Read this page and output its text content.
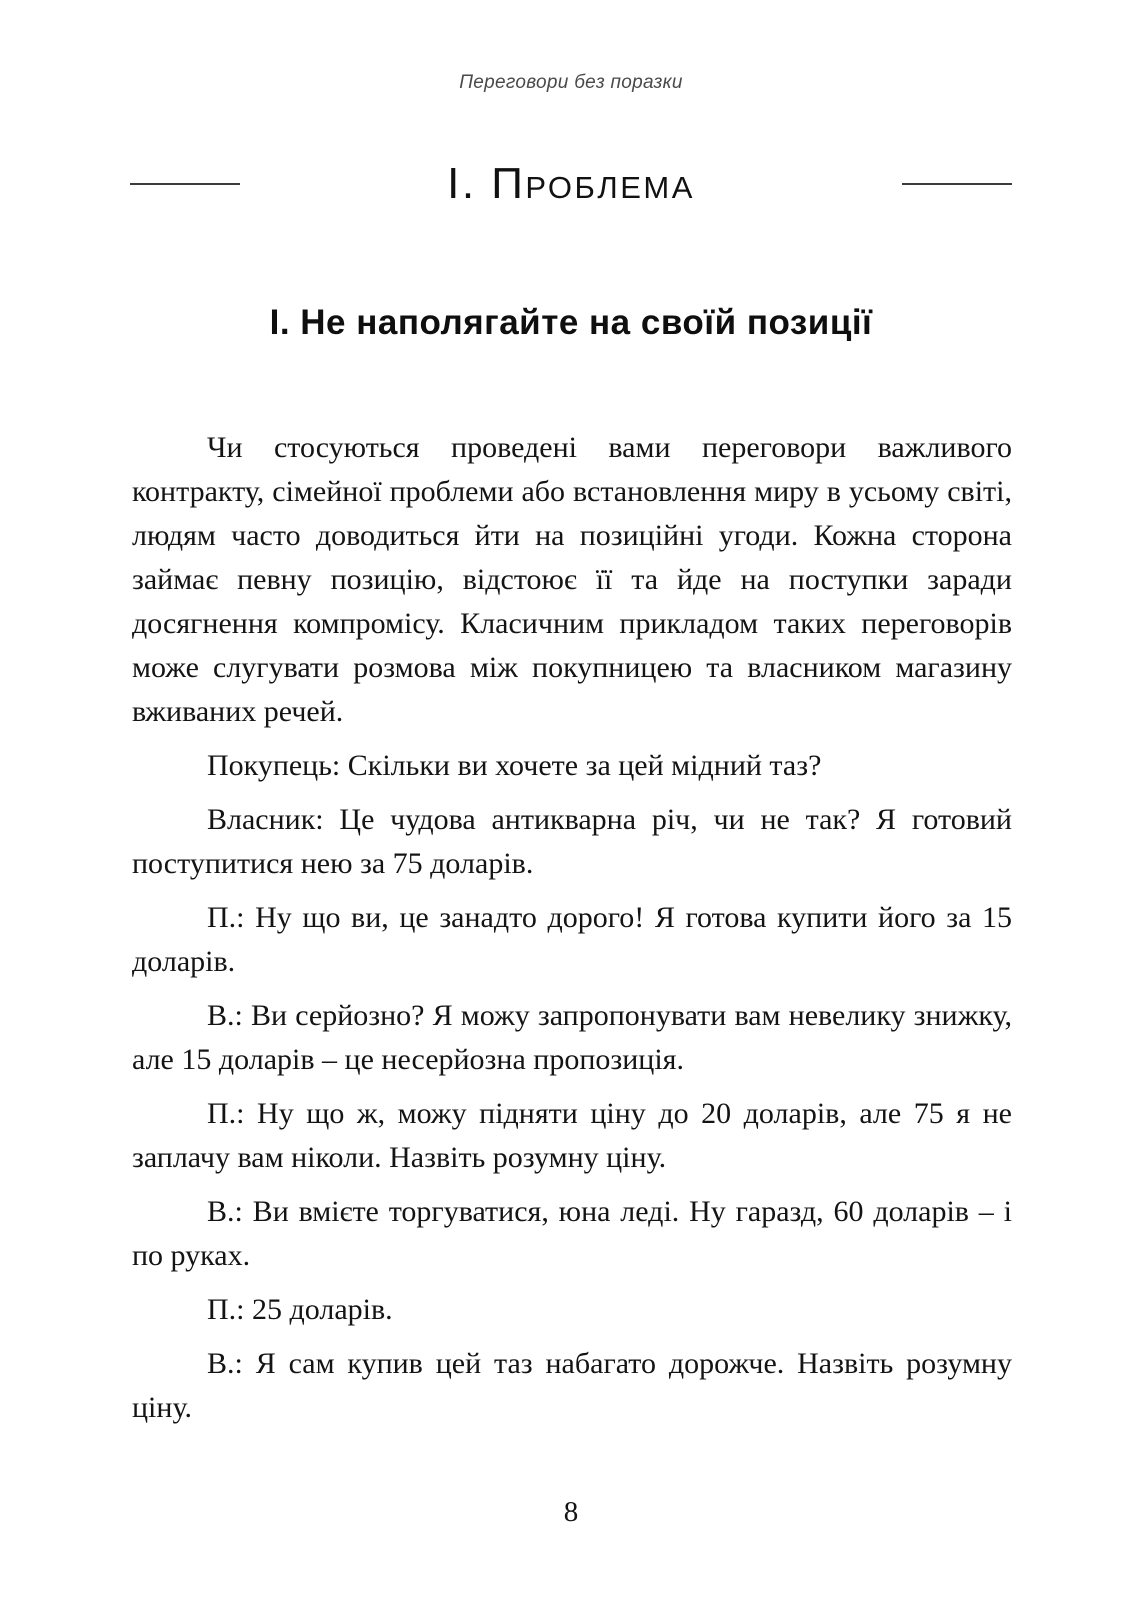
Переговори без поразки
І. Проблема
І. Не наполягайте на своїй позиції

Чи стосуються проведені вами переговори важливого контракту, сімейної проблеми або встановлення миру в усьому світі, людям часто доводиться йти на позиційні угоди. Кожна сторона займає певну позицію, відстоює її та йде на поступки заради досягнення компромісу. Класичним прикладом таких переговорів може слугувати розмова між покупницею та власником магазину вживаних речей.

Покупець: Скільки ви хочете за цей мідний таз?

Власник: Це чудова антикварна річ, чи не так? Я готовий поступитися нею за 75 доларів.

П.: Ну що ви, це занадто дорого! Я готова купити його за 15 доларів.

В.: Ви серйозно? Я можу запропонувати вам невелику знижку, але 15 доларів – це несерйозна пропозиція.

П.: Ну що ж, можу підняти ціну до 20 доларів, але 75 я не заплачу вам ніколи. Назвіть розумну ціну.

В.: Ви вмієте торгуватися, юна леді. Ну гаразд, 60 доларів – і по руках.

П.: 25 доларів.

В.: Я сам купив цей таз набагато дорожче. Назвіть розумну ціну.

8
